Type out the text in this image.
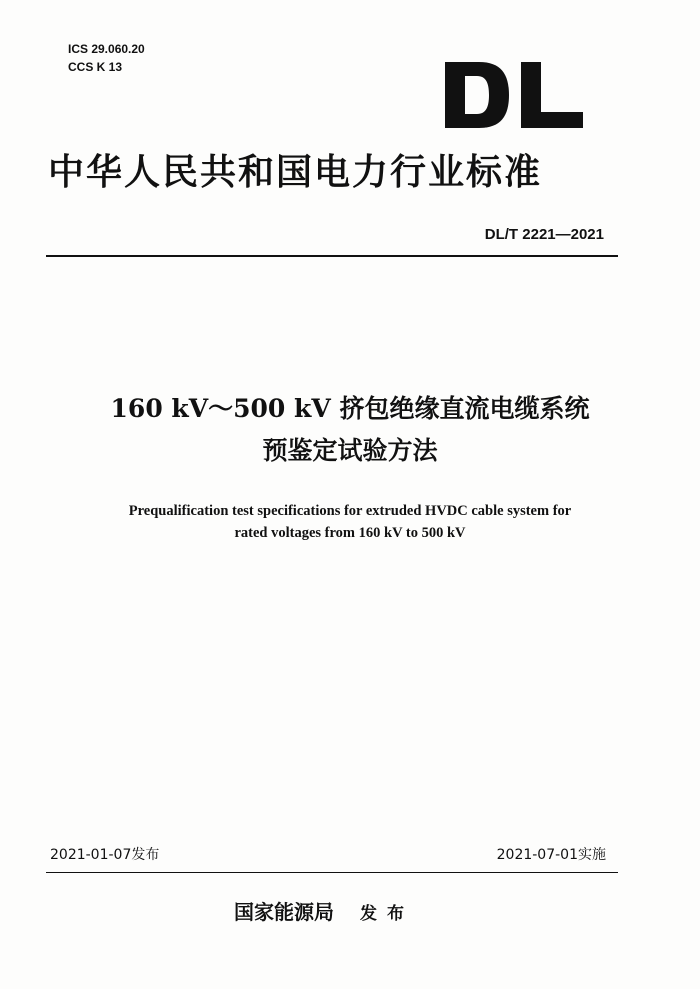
ICS 29.060.20
CCS K 13
中华人民共和国电力行业标准
DL/T 2221—2021
160 kV～500 kV 挤包绝缘直流电缆系统
预鉴定试验方法
Prequalification test specifications for extruded HVDC cable system for
rated voltages from 160 kV to 500 kV
2021-01-07发布	2021-07-01实施
国家能源局 发布
